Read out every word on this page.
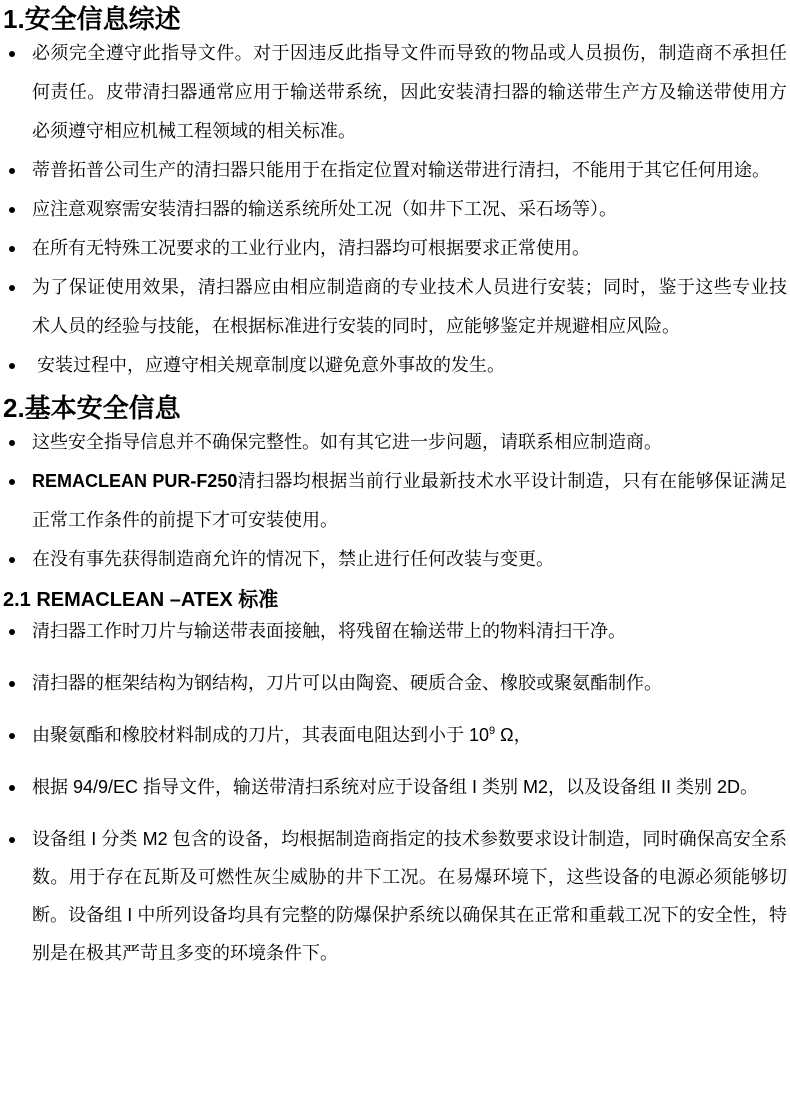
1.安全信息综述
必须完全遵守此指导文件。对于因违反此指导文件而导致的物品或人员损伤，制造商不承担任何责任。皮带清扫器通常应用于输送带系统，因此安装清扫器的输送带生产方及输送带使用方必须遵守相应机械工程领域的相关标准。
蒂普拓普公司生产的清扫器只能用于在指定位置对输送带进行清扫，不能用于其它任何用途。
应注意观察需安装清扫器的输送系统所处工况（如井下工况、采石场等）。
在所有无特殊工况要求的工业行业内，清扫器均可根据要求正常使用。
为了保证使用效果，清扫器应由相应制造商的专业技术人员进行安装；同时，鉴于这些专业技术人员的经验与技能，在根据标准进行安装的同时，应能够鉴定并规避相应风险。
安装过程中，应遵守相关规章制度以避免意外事故的发生。
2.基本安全信息
这些安全指导信息并不确保完整性。如有其它进一步问题，请联系相应制造商。
REMACLEAN PUR-F250清扫器均根据当前行业最新技术水平设计制造，只有在能够保证满足正常工作条件的前提下才可安装使用。
在没有事先获得制造商允许的情况下，禁止进行任何改装与变更。
2.1 REMACLEAN –ATEX 标准
清扫器工作时刀片与输送带表面接触，将残留在输送带上的物料清扫干净。
清扫器的框架结构为钢结构，刀片可以由陶瓷、硬质合金、橡胶或聚氨酯制作。
由聚氨酯和橡胶材料制成的刀片，其表面电阻达到小于 $10^9$ Ω，
根据 94/9/EC 指导文件，输送带清扫系统对应于设备组 I 类别 M2，以及设备组 II 类别 2D。
设备组 I 分类 M2 包含的设备，均根据制造商指定的技术参数要求设计制造，同时确保高安全系数。用于存在瓦斯及可燃性灰尘威胁的井下工况。在易爆环境下，这些设备的电源必须能够切断。设备组 I 中所列设备均具有完整的防爆保护系统以确保其在正常和重载工况下的安全性，特别是在极其严苛且多变的环境条件下。
